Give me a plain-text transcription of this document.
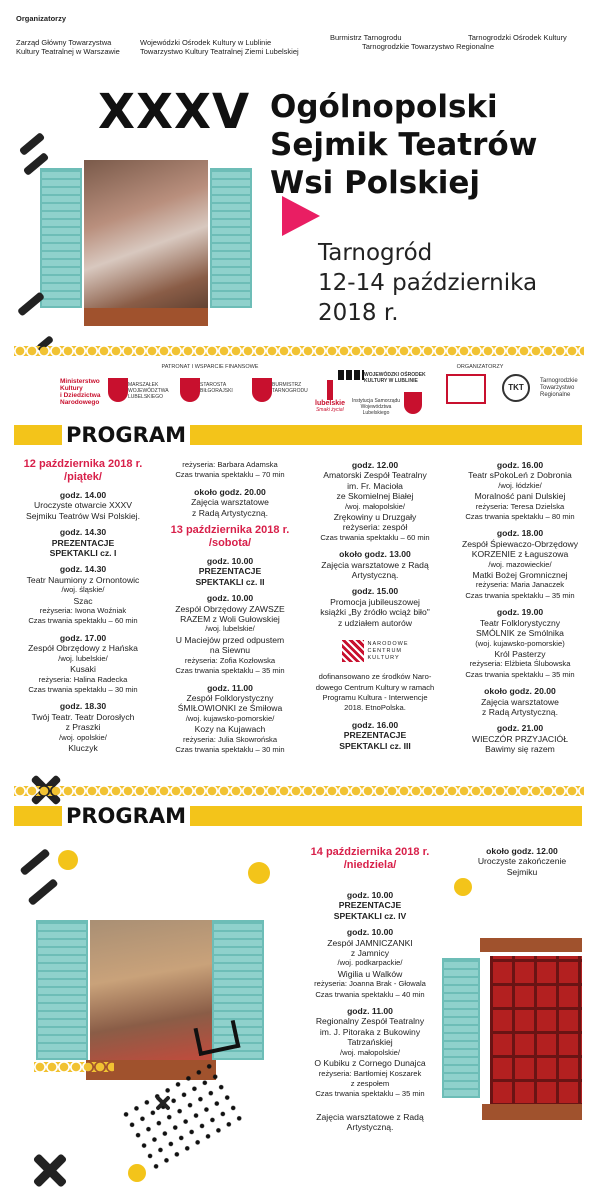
Organizatorzy
Zarząd Główny Towarzystwa
Kultury Teatralnej w Warszawie
Wojewódzki Ośrodek Kultury w Lublinie
Towarzystwo Kultury Teatralnej Ziemi Lubelskiej
Burmistrz Tarnogrodu
Tarnogrodzkie Towarzystwo Regionalne
Tarnogrodzki Ośrodek Kultury
XXXV Ogólnopolski
Sejmik Teatrów
Wsi Polskiej
Tarnogród
12-14 października
2018 r.
PATRONAT I WSPARCIE FINANSOWE	ORGANIZATORZY
Ministerstwo
Kultury
i Dziedzictwa
Narodowego
MARSZAŁEK WOJEWÓDZTWA LUBELSKIEGO
STAROSTA BIŁGORAJSKI
BURMISTRZ TARNOGRODU
lubelskie
Smaki życia!
WOJEWÓDZKI OŚRODEK KULTURY W LUBLINIE
Instytucja Samorządu Województwa Lubelskiego
TKT
Tarnogrodzkie
Towarzystwo
Regionalne
PROGRAM

12 października 2018 r.

/piątek/

godz. 14.00

Uroczyste otwarcie XXXV

Sejmiku Teatrów Wsi Polskiej.

godz. 14.30

PREZENTACJE

SPEKTAKLI cz. I

godz. 14.30

Teatr Naumiony z Ornontowic

/woj. śląskie/

Szac

reżyseria: Iwona Woźniak

Czas trwania spektaklu – 60 min

godz. 17.00

Zespół Obrzędowy z Hańska

/woj. lubelskie/

Kusaki

reżyseria: Halina Radecka

Czas trwania spektaklu – 30 min

godz. 18.30

Twój Teatr. Teatr Dorosłych

z Praszki

/woj. opolskie/

Kluczyk

reżyseria: Barbara Adamska

Czas trwania spektaklu – 70 min

około godz. 20.00

Zajęcia warsztatowe

z Radą Artystyczną.

13 października 2018 r.

/sobota/

godz. 10.00

PREZENTACJE

SPEKTAKLI cz. II

godz. 10.00

Zespół Obrzędowy ZAWSZE

RAZEM z Woli Gułowskiej

/woj. lubelskie/

U Maciejów przed odpustem

na Siewnu

reżyseria: Zofia Kozłowska

Czas trwania spektaklu – 35 min

godz. 11.00

Zespół Folklorystyczny

ŚMIŁOWIONKI ze Śmiłowa

/woj. kujawsko-pomorskie/

Kozy na Kujawach

reżyseria: Julia Skowrońska

Czas trwania spektaklu – 30 min

godz. 12.00

Amatorski Zespół Teatralny

im. Fr. Macioła

ze Skomielnej Białej

/woj. małopolskie/

Zrękowiny u Druzgały

reżyseria: zespół

Czas trwania spektaklu – 60 min

około godz. 13.00

Zajęcia warsztatowe z Radą

Artystyczną.

godz. 15.00

Promocja jubileuszowej

książki „By źródło wciąż biło"

z udziałem autorów

NARODOWE
CENTRUM
KULTURY

dofinansowano ze środków Naro-

dowego Centrum Kultury w ramach

Programu Kultura - Interwencje

2018. EtnoPolska.

godz. 16.00

PREZENTACJE

SPEKTAKLI cz. III

godz. 16.00

Teatr sPokoLeń z Dobronia

/woj. łódzkie/

Moralność pani Dulskiej

reżyseria: Teresa Dzielska

Czas trwania spektaklu – 80 min

godz. 18.00

Zespół Śpiewaczo-Obrzędowy

KORZENIE z Łaguszowa

/woj. mazowieckie/

Matki Bożej Gromnicznej

reżyseria: Maria Janaczek

Czas trwania spektaklu – 35 min

godz. 19.00

Teatr Folklorystyczny

SMÓLNIK ze Smólnika

(woj. kujawsko-pomorskie)

Król Pasterzy

reżyseria: Elżbieta Ślubowska

Czas trwania spektaklu – 35 min

około godz. 20.00

Zajęcia warsztatowe

z Radą Artystyczną.

godz. 21.00

WIECZÓR PRZYJACIÓŁ

Bawimy się razem

PROGRAM

14 października 2018 r.

/niedziela/

godz. 10.00

PREZENTACJE

SPEKTAKLI cz. IV

godz. 10.00

Zespół JAMNICZANKI

z Jamnicy

/woj. podkarpackie/

Wigilia u Walków

reżyseria: Joanna Brak - Głowala

Czas trwania spektaklu – 40 min

godz. 11.00

Regionalny Zespół Teatralny

im. J. Pitoraka z Bukowiny

Tatrzańskiej

/woj. małopolskie/

O Kubiku z Cornego Dunajca

reżyseria: Bartłomiej Koszarek

z zespołem

Czas trwania spektaklu – 35 min

Zajęcia warsztatowe z Radą

Artystyczną.

około godz. 12.00

Uroczyste zakończenie

Sejmiku
